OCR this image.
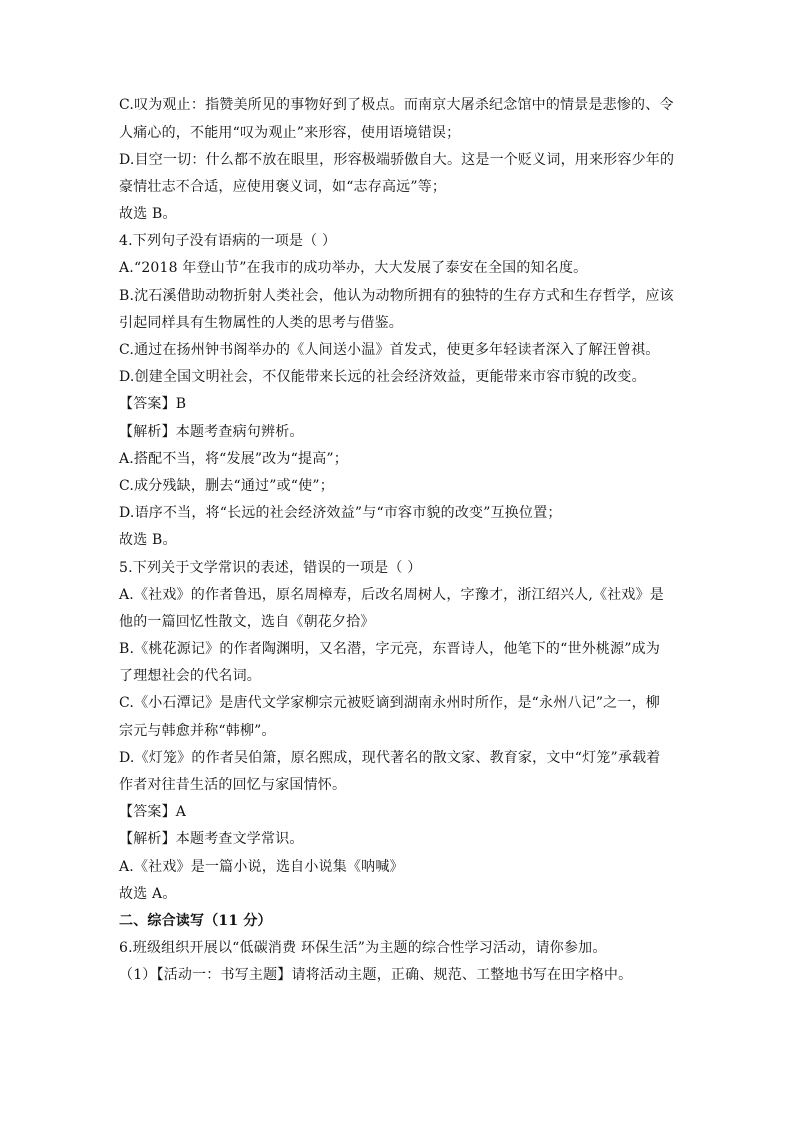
C.叹为观止：指赞美所见的事物好到了极点。而南京大屠杀纪念馆中的情景是悲惨的、令
人痛心的，不能用“叹为观止”来形容，使用语境错误；
D.目空一切：什么都不放在眼里，形容极端骄傲自大。这是一个贬义词，用来形容少年的
豪情壮志不合适，应使用褒义词，如“志存高远”等；
故选 B。
4.下列句子没有语病的一项是（ ）
A.“2018 年登山节”在我市的成功举办，大大发展了泰安在全国的知名度。
B.沈石溪借助动物折射人类社会，他认为动物所拥有的独特的生存方式和生存哲学，应该
引起同样具有生物属性的人类的思考与借鉴。
C.通过在扬州钟书阁举办的《人间送小温》首发式，使更多年轻读者深入了解汪曾祺。
D.创建全国文明社会，不仅能带来长远的社会经济效益，更能带来市容市貌的改变。
【答案】B
【解析】本题考查病句辨析。
A.搭配不当，将“发展”改为“提高”；
C.成分残缺，删去“通过”或“使”；
D.语序不当，将“长远的社会经济效益”与“市容市貌的改变”互换位置；
故选 B。
5.下列关于文学常识的表述，错误的一项是（ ）
A.《社戏》的作者鲁迅，原名周樟寿，后改名周树人，字豫才，浙江绍兴人,《社戏》是
他的一篇回忆性散文，选自《朝花夕拾》
B.《桃花源记》的作者陶渊明，又名潜，字元亮，东晋诗人，他笔下的“世外桃源”成为
了理想社会的代名词。
C.《小石潭记》是唐代文学家柳宗元被贬谪到湖南永州时所作，是“永州八记”之一，柳
宗元与韩愈并称“韩柳”。
D.《灯笼》的作者吴伯箫，原名熙成，现代著名的散文家、教育家，文中“灯笼”承载着
作者对往昔生活的回忆与家国情怀。
【答案】A
【解析】本题考查文学常识。
A.《社戏》是一篇小说，选自小说集《呐喊》
故选 A。
二、综合读写（11 分）
6.班级组织开展以“低碳消费 环保生活”为主题的综合性学习活动，请你参加。
（1）【活动一：书写主题】请将活动主题，正确、规范、工整地书写在田字格中。
